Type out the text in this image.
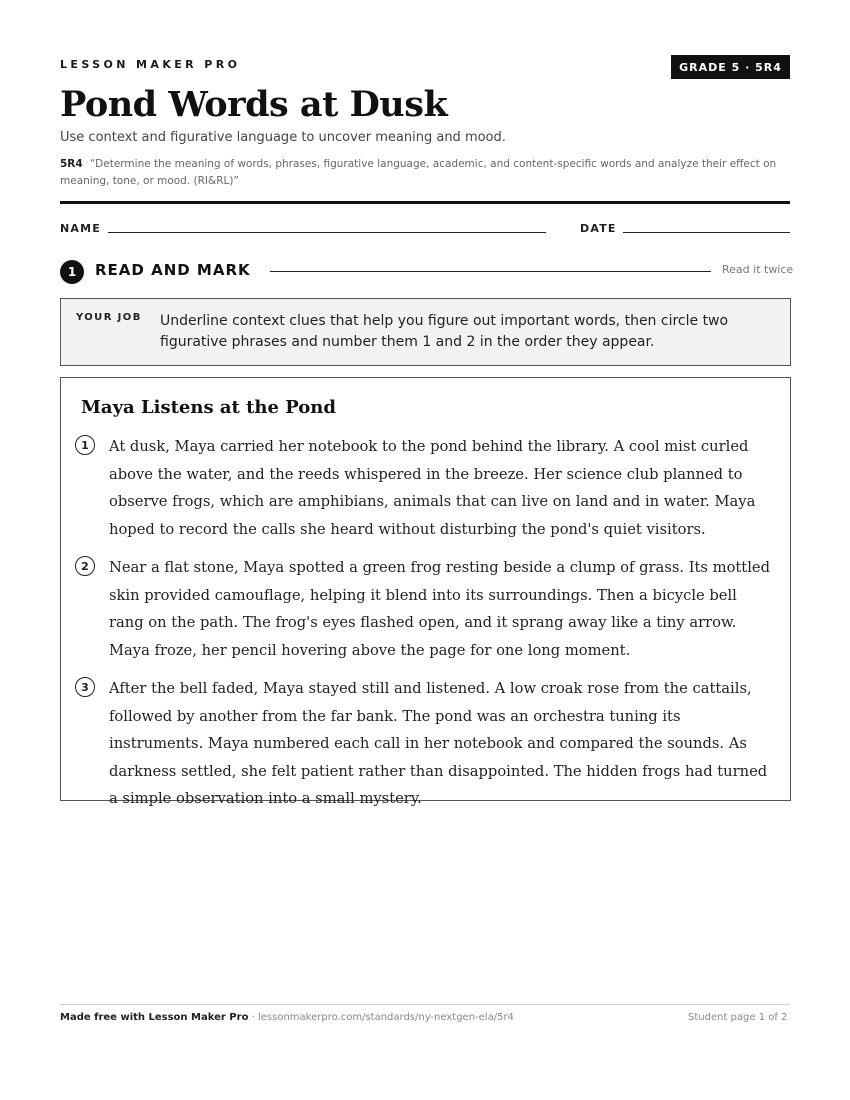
LESSON MAKER PRO	GRADE 5 · 5R4
Pond Words at Dusk
Use context and figurative language to uncover meaning and mood.
5R4 “Determine the meaning of words, phrases, figurative language, academic, and content-specific words and analyze their effect on meaning, tone, or mood. (RI&RL)”
NAME	DATE
1	READ AND MARK	Read it twice
YOUR JOB Underline context clues that help you figure out important words, then circle two figurative phrases and number them 1 and 2 in the order they appear.
Maya Listens at the Pond
1	At dusk, Maya carried her notebook to the pond behind the library. A cool mist curled above the water, and the reeds whispered in the breeze. Her science club planned to observe frogs, which are amphibians, animals that can live on land and in water. Maya hoped to record the calls she heard without disturbing the pond's quiet visitors.
2	Near a flat stone, Maya spotted a green frog resting beside a clump of grass. Its mottled skin provided camouflage, helping it blend into its surroundings. Then a bicycle bell rang on the path. The frog's eyes flashed open, and it sprang away like a tiny arrow. Maya froze, her pencil hovering above the page for one long moment.
3	After the bell faded, Maya stayed still and listened. A low croak rose from the cattails, followed by another from the far bank. The pond was an orchestra tuning its instruments. Maya numbered each call in her notebook and compared the sounds. As darkness settled, she felt patient rather than disappointed. The hidden frogs had turned a simple observation into a small mystery.
Made free with Lesson Maker Pro · lessonmakerpro.com/standards/ny-nextgen-ela/5r4	Student page 1 of 2
